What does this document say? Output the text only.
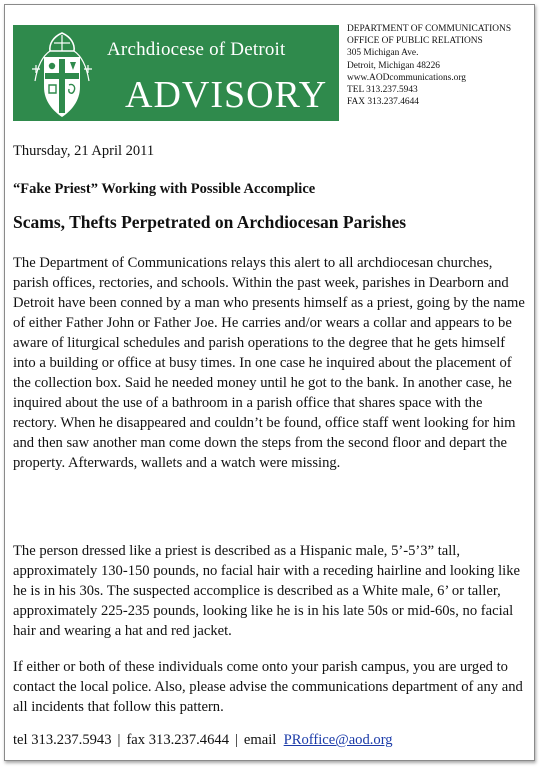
Archdiocese of Detroit
ADVISORY
DEPARTMENT OF COMMUNICATIONS
OFFICE OF PUBLIC RELATIONS
305 Michigan Ave.
Detroit, Michigan 48226
www.AODcommunications.org
TEL 313.237.5943
FAX 313.237.4644
Thursday, 21 April 2011
“Fake Priest” Working with Possible Accomplice
Scams, Thefts Perpetrated on Archdiocesan Parishes

The Department of Communications relays this alert to all archdiocesan churches, parish offices, rectories, and schools. Within the past week, parishes in Dearborn and Detroit have been conned by a man who presents himself as a priest, going by the name of either Father John or Father Joe. He carries and/or wears a collar and appears to be aware of liturgical schedules and parish operations to the degree that he gets himself into a building or office at busy times. In one case he inquired about the placement of the collection box. Said he needed money until he got to the bank. In another case, he inquired about the use of a bathroom in a parish office that shares space with the rectory. When he disappeared and couldn’t be found, office staff went looking for him and then saw another man come down the steps from the second floor and depart the property. Afterwards, wallets and a watch were missing.

The person dressed like a priest is described as a Hispanic male, 5’-5’3” tall, approximately 130-150 pounds, no facial hair with a receding hairline and looking like he is in his 30s. The suspected accomplice is described as a White male, 6’ or taller, approximately 225-235 pounds, looking like he is in his late 50s or mid-60s, no facial hair and wearing a hat and red jacket.

If either or both of these individuals come onto your parish campus, you are urged to contact the local police. Also, please advise the communications department of any and all incidents that follow this pattern.

tel 313.237.5943 | fax 313.237.4644 | email PRoffice@aod.org
